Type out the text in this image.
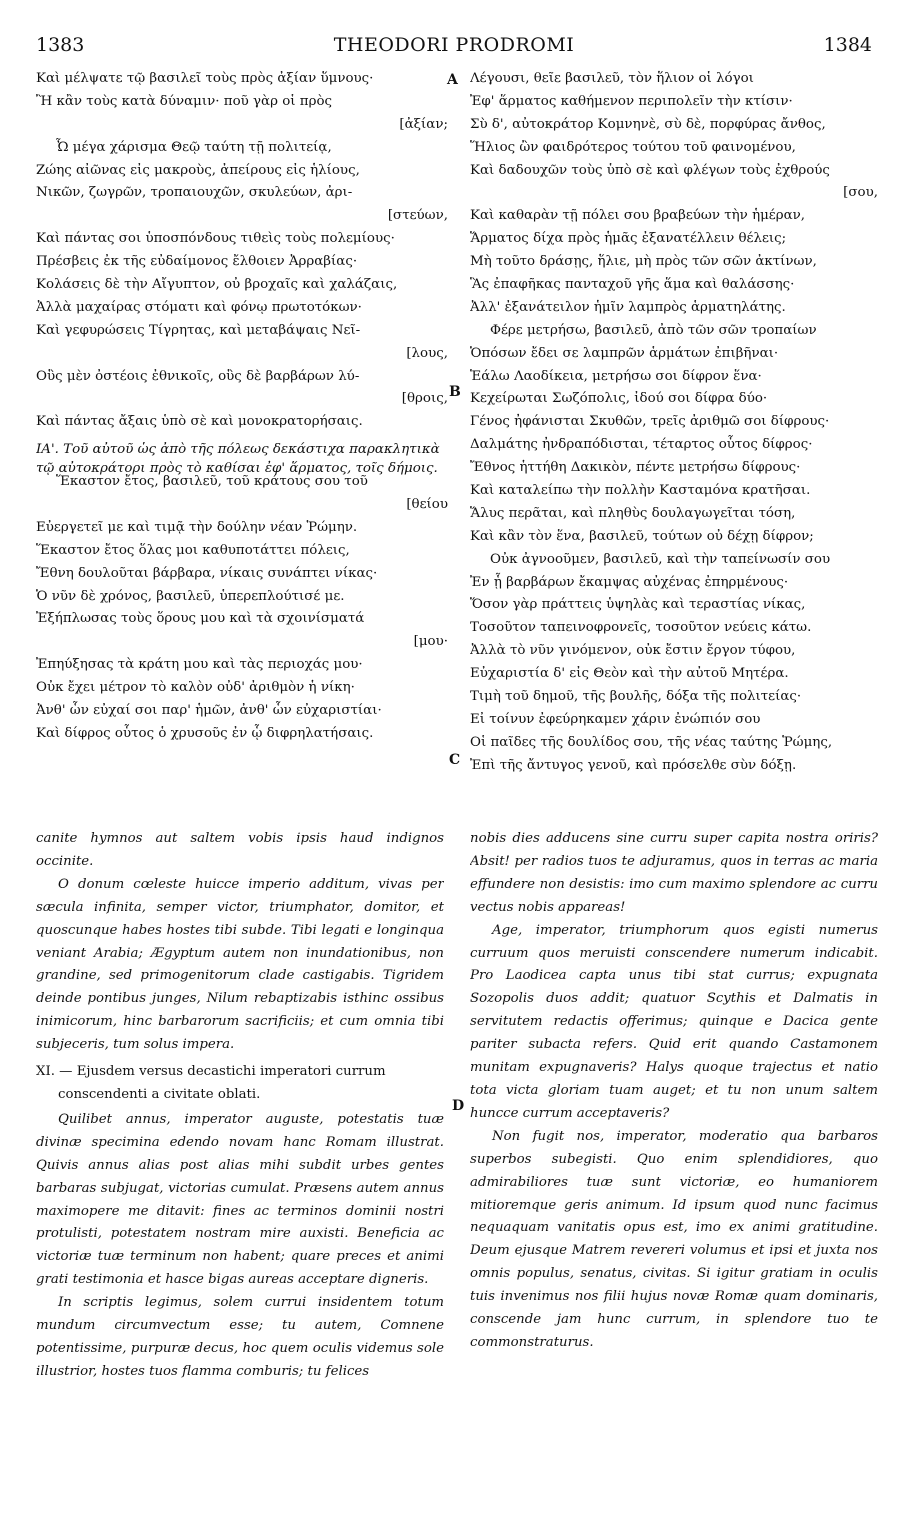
1383	THEODORI PRODROMI	1384
A
B
C
D
Καὶ μέλψατε τῷ βασιλεῖ τοὺς πρὸς ἀξίαν ὕμνους·
Ἢ κἂν τοὺς κατὰ δύναμιν· ποῦ γὰρ οἱ πρὸς
[ἀξίαν;
Ὦ μέγα χάρισμα Θεῷ ταύτη τῇ πολιτείᾳ,
Ζώης αἰῶνας εἰς μακροὺς, ἀπείρους εἰς ἡλίους,
Νικῶν, ζωγρῶν, τροπαιουχῶν, σκυλεύων, ἀρι-
[στεύων,
Καὶ πάντας σοι ὑποσπόνδους τιθεὶς τοὺς πολεμίους·
Πρέσβεις ἐκ τῆς εὐδαίμονος ἔλθοιεν Ἀρραβίας·
Κολάσεις δὲ τὴν Αἴγυπτον, οὐ βροχαῖς καὶ χαλάζαις,
Ἀλλὰ μαχαίρας στόματι καὶ φόνῳ πρωτοτόκων·
Καὶ γεφυρώσεις Τίγρητας, καὶ μεταβάψαις Νεῖ-
[λους,
Οὓς μὲν ὀστέοις ἐθνικοῖς, οὓς δὲ βαρβάρων λύ-
[θροις,
Καὶ πάντας ἄξαις ὑπὸ σὲ καὶ μονοκρατορήσαις.
ΙΑ'. Τοῦ αὐτοῦ ὡς ἀπὸ τῆς πόλεως δεκάστιχα παρακλητικὰ τῷ αὐτοκράτορι πρὸς τὸ καθίσαι ἐφ' ἅρματος, τοῖς δήμοις.
Ἕκαστον ἔτος, βασιλεῦ, τοῦ κράτους σου τοῦ
[θείου
Εὐεργετεῖ με καὶ τιμᾷ τὴν δούλην νέαν Ῥώμην.
Ἕκαστον ἔτος ὅλας μοι καθυποτάττει πόλεις,
Ἔθνη δουλοῦται βάρβαρα, νίκαις συνάπτει νίκας·
Ὁ νῦν δὲ χρόνος, βασιλεῦ, ὑπερεπλούτισέ με.
Ἐξήπλωσας τοὺς ὅρους μου καὶ τὰ σχοινίσματά
[μου·
Ἐπηύξησας τὰ κράτη μου καὶ τὰς περιοχάς μου·
Οὐκ ἔχει μέτρον τὸ καλὸν οὐδ' ἀριθμὸν ἡ νίκη·
Ἀνθ' ὧν εὐχαί σοι παρ' ἡμῶν, ἀνθ' ὧν εὐχαριστίαι·
Καὶ δίφρος οὗτος ὁ χρυσοῦς ἐν ᾧ διφρηλατήσαις.
Λέγουσι, θεῖε βασιλεῦ, τὸν ἥλιον οἱ λόγοι
Ἐφ' ἅρματος καθήμενον περιπολεῖν τὴν κτίσιν·
Σὺ δ', αὐτοκράτορ Κομνηνὲ, σὺ δὲ, πορφύρας ἄνθος,
Ἥλιος ὢν φαιδρότερος τούτου τοῦ φαινομένου,
Καὶ δαδουχῶν τοὺς ὑπὸ σὲ καὶ φλέγων τοὺς ἐχθρούς
[σου,
Καὶ καθαρὰν τῇ πόλει σου βραβεύων τὴν ἡμέραν,
Ἅρματος δίχα πρὸς ἡμᾶς ἐξανατέλλειν θέλεις;
Μὴ τοῦτο δράσῃς, ἥλιε, μὴ πρὸς τῶν σῶν ἀκτίνων,
Ἃς ἐπαφῆκας πανταχοῦ γῆς ἅμα καὶ θαλάσσης·
Ἀλλ' ἐξανάτειλον ἡμῖν λαμπρὸς ἁρματηλάτης.
Φέρε μετρήσω, βασιλεῦ, ἀπὸ τῶν σῶν τροπαίων
Ὁπόσων ἔδει σε λαμπρῶν ἁρμάτων ἐπιβῆναι·
Ἑάλω Λαοδίκεια, μετρήσω σοι δίφρον ἕνα·
Κεχείρωται Σωζόπολις, ἰδού σοι δίφρα δύο·
Γένος ἠφάνισται Σκυθῶν, τρεῖς ἀριθμῶ σοι δίφρους·
Δαλμάτης ἠνδραπόδισται, τέταρτος οὗτος δίφρος·
Ἔθνος ἡττήθη Δακικὸν, πέντε μετρήσω δίφρους·
Καὶ καταλείπω τὴν πολλὴν Κασταμόνα κρατῆσαι.
Ἅλυς περᾶται, καὶ πληθὺς δουλαγωγεῖται τόση,
Καὶ κἂν τὸν ἕνα, βασιλεῦ, τούτων οὐ δέχῃ δίφρον;
Οὐκ ἀγνοοῦμεν, βασιλεῦ, καὶ τὴν ταπείνωσίν σου
Ἐν ᾗ βαρβάρων ἔκαμψας αὐχένας ἐπηρμένους·
Ὅσον γὰρ πράττεις ὑψηλὰς καὶ τεραστίας νίκας,
Τοσοῦτον ταπεινοφρονεῖς, τοσοῦτον νεύεις κάτω.
Ἀλλὰ τὸ νῦν γινόμενον, οὐκ ἔστιν ἔργον τύφου,
Εὐχαριστία δ' εἰς Θεὸν καὶ τὴν αὐτοῦ Μητέρα.
Τιμὴ τοῦ δημοῦ, τῆς βουλῆς, δόξα τῆς πολιτείας·
Εἰ τοίνυν ἐφεύρηκαμεν χάριν ἐνώπιόν σου
Οἱ παῖδες τῆς δουλίδος σου, τῆς νέας ταύτης Ῥώμης,
Ἐπὶ τῆς ἄντυγος γενοῦ, καὶ πρόσελθε σὺν δόξῃ.

canite hymnos aut saltem vobis ipsis haud indignos occinite.

O donum cœleste huicce imperio additum, vivas per sæcula infinita, semper victor, triumphator, domitor, et quoscunque habes hostes tibi subde. Tibi legati e longinqua veniant Arabia; Ægyptum autem non inundationibus, non grandine, sed primogenitorum clade castigabis. Tigridem deinde pontibus junges, Nilum rebaptizabis isthinc ossibus inimicorum, hinc barbarorum sacrificiis; et cum omnia tibi subjeceris, tum solus impera.

XI. — Ejusdem versus decastichi imperatori currum conscendenti a civitate oblati.

Quilibet annus, imperator auguste, potestatis tuæ divinæ specimina edendo novam hanc Romam illustrat. Quivis annus alias post alias mihi subdit urbes gentes barbaras subjugat, victorias cumulat. Præsens autem annus maximopere me ditavit: fines ac terminos dominii nostri protulisti, potestatem nostram mire auxisti. Beneficia ac victoriæ tuæ terminum non habent; quare preces et animi grati testimonia et hasce bigas aureas acceptare digneris.

In scriptis legimus, solem currui insidentem totum mundum circumvectum esse; tu autem, Comnene potentissime, purpuræ decus, hoc quem oculis videmus sole illustrior, hostes tuos flamma comburis; tu felices

nobis dies adducens sine curru super capita nostra oriris? Absit! per radios tuos te adjuramus, quos in terras ac maria effundere non desistis: imo cum maximo splendore ac curru vectus nobis appareas!

Age, imperator, triumphorum quos egisti numerus curruum quos meruisti conscendere numerum indicabit. Pro Laodicea capta unus tibi stat currus; expugnata Sozopolis duos addit; quatuor Scythis et Dalmatis in servitutem redactis offerimus; quinque e Dacica gente pariter subacta refers. Quid erit quando Castamonem munitam expugnaveris? Halys quoque trajectus et natio tota victa gloriam tuam auget; et tu non unum saltem huncce currum acceptaveris?

Non fugit nos, imperator, moderatio qua barbaros superbos subegisti. Quo enim splendidiores, quo admirabiliores tuæ sunt victoriæ, eo humaniorem mitioremque geris animum. Id ipsum quod nunc facimus nequaquam vanitatis opus est, imo ex animi gratitudine. Deum ejusque Matrem revereri volumus et ipsi et juxta nos omnis populus, senatus, civitas. Si igitur gratiam in oculis tuis invenimus nos filii hujus novæ Romæ quam dominaris, conscende jam hunc currum, in splendore tuo te commonstraturus.
